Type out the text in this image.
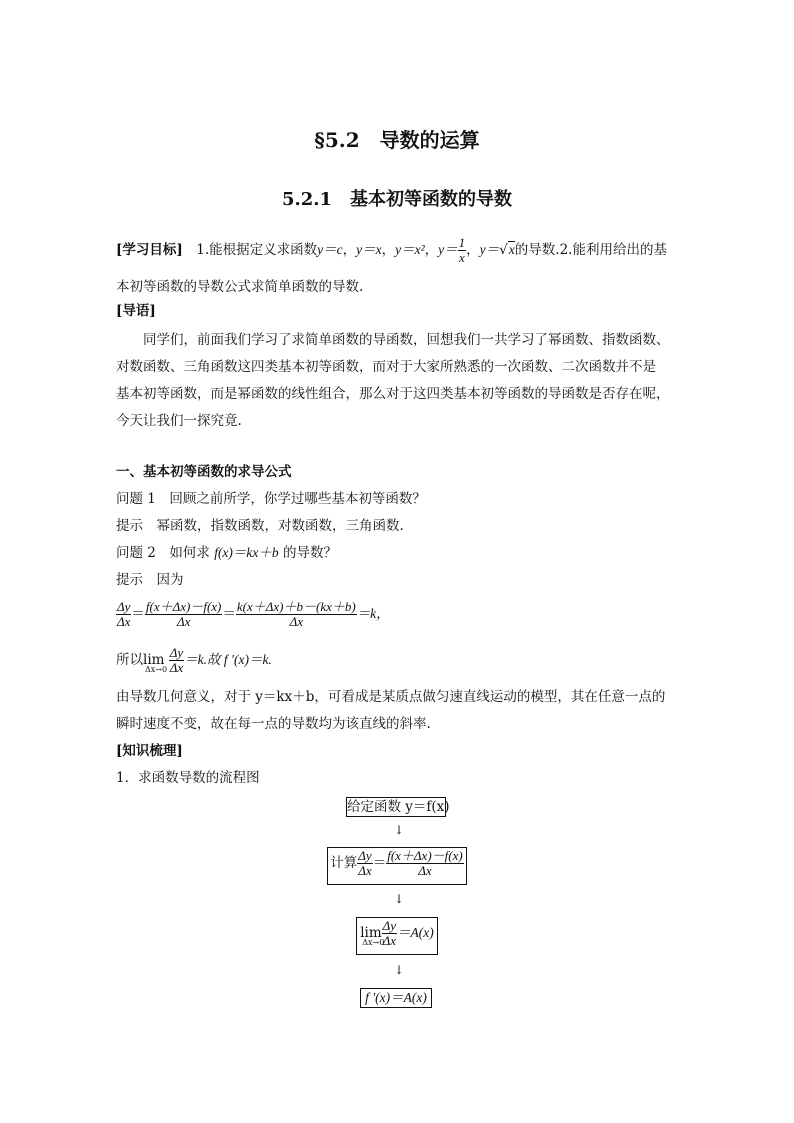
§5.2　导数的运算
5.2.1　基本初等函数的导数
[学习目标]　 1.能根据定义求函数y＝c，y＝x，y＝x²，$y= \frac{1}{x}$ ，y＝√x的导数.2.能利用给出的基
本初等函数的导数公式求简单函数的导数.
[导语]
同学们，前面我们学习了求简单函数的导函数，回想我们一共学习了幂函数、指数函数、
对数函数、三角函数这四类基本初等函数，而对于大家所熟悉的一次函数、二次函数并不是
基本初等函数，而是幂函数的线性组合，那么对于这四类基本初等函数的导函数是否存在呢，
今天让我们一探究竟.
一、基本初等函数的求导公式
问题 1　回顾之前所学，你学过哪些基本初等函数？
提示　幂函数，指数函数，对数函数，三角函数.
问题 2　如何求 f(x)＝kx＋b 的导数？
提示　因为
$\frac{\Delta y}{\Delta x} = \frac{f(x+\Delta x)-f(x)}{\Delta x} = \frac{k(x+\Delta x)+b-(kx+b)}{\Delta x} =k$，
所以lim
Δx→0
$\frac{\Delta y}{\Delta x} =k$.故 f ′(x)＝k.
由导数几何意义，对于 y＝kx＋b，可看成是某质点做匀速直线运动的模型，其在任意一点的
瞬时速度不变，故在每一点的导数均为该直线的斜率.
[知识梳理]
1．求函数导数的流程图
给定函数 y＝f(x)
↓
计算 $\frac{\Delta y}{\Delta x} = \frac{f(x+\Delta x)-f(x)}{\Delta x}$
↓
lim
Δx→0
$\frac{\Delta y}{\Delta x} =A(x)$
↓
f ′(x)＝A(x)
